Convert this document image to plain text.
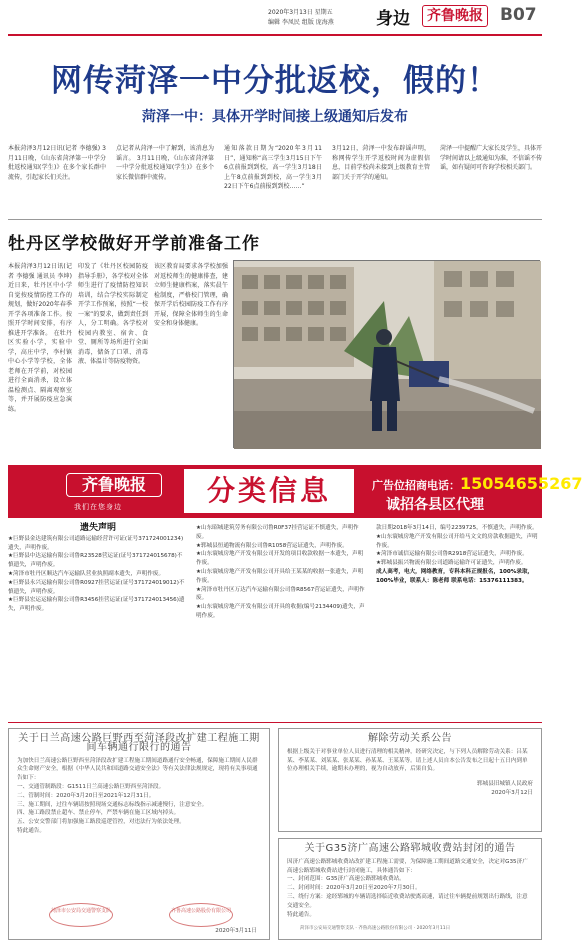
2020年3月13日 星期五
编辑 李凤民 组版 庞海燕 身边	齐鲁晚报 B07
网传菏泽一中分批返校，假的！
菏泽一中：具体开学时间接上级通知后发布
本报菏泽3月12日讯(记者 李德强) 3月11日晚，《山东省菏泽第一中学分批返校通知(学生)》在多个家长群中流传，引起家长们关注。
点记者从菏泽一中了解到，该消息为谣言。 3月11日晚，《山东省菏泽第一中学分批返校通知(学生)》在多个家长微信群中流传。
通知落款日期为“2020年3月11日”，通知称“高三学生3月15日下午6点前报到到校，高一学生3月18日上午8点前报到到校，高一学生3月22日下午6点前报到到校……”
3月12日，菏泽一中发布辟谣声明，称网传学生开学返校时间为虚假信息，目前学校尚未接到上级教育主管部门关于开学的通知。
菏泽一中提醒广大家长及学生，具体开学时间请以上级通知为准，不信谣不传谣，如有疑问可咨询学校相关部门。
牡丹区学校做好开学前准备工作
本报菏泽3月12日讯(记者 李德强 通讯员 李坤) 近日来，牡丹区中小学自觉按疫情防控工作的规划，做好2020年春季开学各项准备工作。按照开学时间安排，有序推进开学准备。 在牡丹区实验小学，实验中学，高庄中学，李村镇中心小学等学校，全体老师在开学前，对校园进行全面消杀，设立体温检测点、隔离观察室等，并开展防疫应急演练。
印发了《牡丹区校园防疫指导手册》，各学校对全体师生进行了疫情防控知识培训，结合学校实际制定开学工作预案，按照“一校一案”的要求，做到责任到人，分工明确。各学校对校园内教室、宿舍、食堂、厕所等场所进行全面消毒，储备了口罩、消毒液、体温计等防疫物资。
该区教育局要求各学校加强对返校师生的健康排查，建立师生健康档案，落实晨午检制度，严格校门管理，确保开学后校园防疫工作有序开展，保障全体师生的生命安全和身体健康。
齐鲁晚报
我们在您身边	分类信息	广告位招商电话：15054655267
诚招各县区代理
遗失声明
★巨野县金达建筑有限公司道路运输经营许可证(证号371724001234)遗失，声明作废。
★巨野县中达运输有限公司鲁R23528营运证(证号371724015678)不慎遗失，声明作废。
★菏泽市牡丹区顺达汽车运输队营业执照副本遗失，声明作废。
★巨野县永兴运输有限公司鲁R0927挂营运证(证号371724019012)不慎遗失，声明作废。
★巨野县宏运运输有限公司鲁R3456挂营运证(证号371724013456)遗失，声明作废。
★山东昭城建筑劳务有限公司鲁R0F37挂营运证不慎遗失，声明作废。
★郓城县恒通物流有限公司鲁R1058营运证遗失，声明作废。
★山东寰城房地产开发有限公司开发的项目收款收据一本遗失，声明作废。
★山东寰城房地产开发有限公司开具给王某某的收据一张遗失，声明作废。
★菏泽市牡丹区万达汽车运输有限公司鲁R8567营运证遗失，声明作废。
★山东寰城房地产开发有限公司开具的收据(编号2134409)遗失，声明作废。
款日期2018年3月14日，编号2239725，不慎遗失，声明作废。
★山东寰城房地产开发有限公司开给马文文的房款收据遗失，声明作废。
★菏泽市诚信运输有限公司鲁R2918营运证遗失，声明作废。
★郓城县振兴物流有限公司道路运输许可证遗失，声明作废。
成人高考，电大，网络教育，专科本科正规报名，100%录取，100%毕业，联系人：陈老师 联系电话：15376111383。
关于日兰高速公路巨野西至菏泽段改扩建工程施工期间车辆通行限行的通告
为加快日兰高速公路巨野西至菏泽段改扩建工程施工期间道路通行安全畅通，保障施工期间人民群众生命财产安全，根据《中华人民共和国道路交通安全法》等有关法律法规规定，现将有关事项通告如下：
一、交通管制路段：G1511日兰高速公路巨野西至菏泽段。
二、管制时间：2020年3月20日至2021年12月31日。
三、施工期间，过往车辆请按照现场交通标志标线指示减速慢行，注意安全。
四、施工路段禁止超车、禁止停车，严禁车辆在施工区域内掉头。
五、公安交警部门将加强施工路段巡逻管控，对违法行为依法处理。
特此通告。
菏泽市公安局交通警察支队	齐鲁高速公路股份有限公司
2020年3月11日
解除劳动关系公告
根据上级关于对事业单位人员进行清理的相关精神，经研究决定，与下列人员解除劳动关系：吕某某、李某某、刘某某、张某某、孙某某、王某某等。请上述人员自本公告发布之日起十五日内到单位办理相关手续，逾期未办理的，视为自动放弃，后果自负。
郓城县旧城镇人民政府
2020年3月12日
关于G35济广高速公路郓城收费站封闭的通告
因济广高速公路郓城收费站改扩建工程施工需要，为保障施工期间道路交通安全，决定对G35济广高速公路郓城收费站进行封闭施工，具体通告如下：
一、封闭范围：G35济广高速公路郓城收费站。
二、封闭时间：2020年3月20日至2020年7月30日。
三、绕行方案：途经郓城的车辆请选择临近收费站驶离高速，请过往车辆提前规划出行路线，注意交通安全。
特此通告。
菏泽市公安局交通警察支队 · 齐鲁高速公路股份有限公司 · 2020年3月11日
